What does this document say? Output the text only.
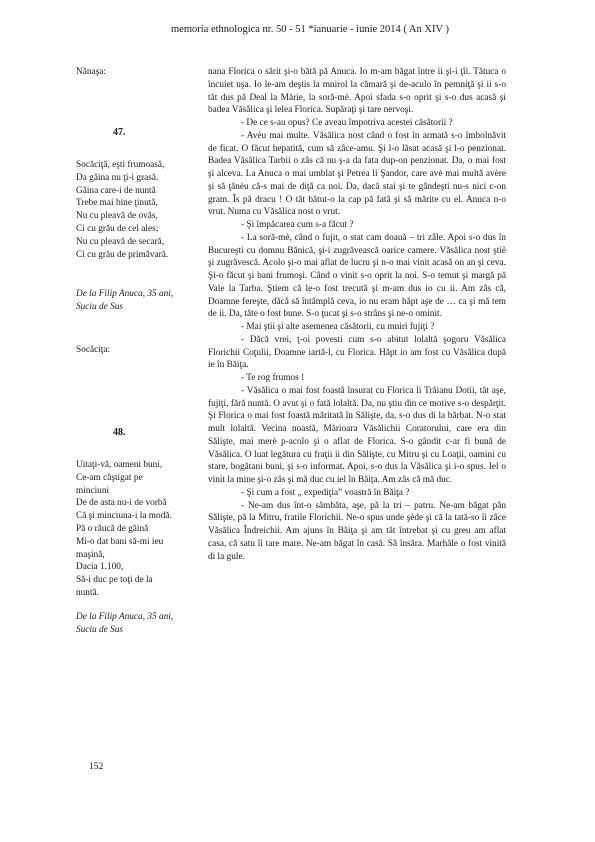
memoria ethnologica nr. 50 - 51 *ianuarie - iunie 2014 ( An XIV )
Nănaşa:
47.
Socăciţă, eşti frumoasă,
Da găina nu ţi-i grasă.
Găina care-i de nuntă
Trebe mai bine ţinută,
Nu cu pleavă de ovăs,
Ci cu grău de cel ales;
Nu cu pleavă de secară,
Ci cu grău de primăvară.
De la Filip Anuca, 35 ani,
Suciu de Sus
Socăciţa:
48.
Uitaţi-vă, oameni buni,
Ce-am câştigat pe
minciuni
De de asta nu-i de vorbă
Că şi minciuna-i la modă.
Pă o răucă de găină
Mi-o dat bani să-mi ieu
maşină,
Dacia 1.100,
Să-i duc pe toţi de la
nuntă.
De la Filip Anuca, 35 ani,
Suciu de Sus

nana Florica o sărit şi-o bătă pă Anuca. Io m-am băgat între ii şi-i ţîi. Tătuca o încuiet uşa. Io le-am deştis la mnirol la cămară şi de-aculo în pemniţă şi ii s-o tăt dus pă Deal la Mărie, la soră-mè. Apoi sfada s-o oprit şi s-o dus acasă şi badea Văsălica şi lelea Florica. Supăraţi şi tare nervoşi.

- De ce s-au opus? Ce aveau împotriva acestei căsătorii ?

- Avèu mai multe. Văsălica nost când o fost în armată s-o îmbolnăvit de ficat. O făcut hepatită, cum să zâce-amu. Şi l-o lăsat acasă şi l-o penzionat. Badea Văsălica Tarbii o zâs că nu ş-a da fata dup-on penzionat. Da, o mai fost şi alceva. La Anuca o mai umblat şi Petrea li Şandor, care avè mai multă avère şi să ţânèu că-s mai de diţă ca noi. Da, dacă stai şi te gândeşti nu-s nici c-on gram. Îs pă dracu ! O tăt bătut-o la cap pă fată şi să mărite cu el. Anuca n-o vrut. Numa cu Văsălica nost o vrut.

- Şi împăcarea cum s-a făcut ?

- La soră-mè, când o fujit, o stat cam doauă – tri zâle. Apoi s-o dus în Bucureşti cu domnu Bănică, şi-i zugrăvească oarice camere. Văsălica nost ştiè şi zugrăvescă. Acolo şi-o mai aflat de lucru şi n-o mai vinit acasă on an şi ceva. Şi-o făcut şi bani frumoşi. Când o vinit s-o oprit la noi. S-o temut şi margă pă Vale la Tarba. Ştiem că le-o fost trecută şi m-am dus io cu ii. Am zâs că, Doamne fereşte, dăcă să întâmplă ceva, io nu eram hăpt aşe de … ca şi mă tem de ii. Da, tăte o fost bune. S-o ţucat şi s-o strâns şi ne-o ominit.

- Mai ştii şi alte asemenea căsătorii, cu mniri fujiţi ?

- Dăcă vrei, ţ-oi povesti cum s-o abitut lolaltă şogoru Văsălica Florichii Coţulii, Doamne iartă-l, cu Florica. Hăpt io am fost cu Văsălica după ie în Băiţa.

- Te rog frumos !

- Văsălica o mai fost foastă însurat cu Florica li Trăianu Dotii, tăt aşe, fujiţi, fără nuntă. O avut şi o fată lolaltă. Da, nu ştiu din ce motive s-o despărţit. Şi Florica o mai fost foastă măritată în Sălişte, da, s-o dus di la bărbat. N-o stat mult lolaltă. Vecina noastă, Mărioara Văsălichii Coratorului, care era din Sălişte, mai merè p-acolo şi o aflat de Florica. S-o gândit c-ar fi bună de Văsălica. O luat legătura cu fraţii ii din Sălişte, cu Mitru şi cu Loaţii, oamini cu stare, bogătani buni, şi s-o informat. Apoi, s-o dus la Văsălica şi i-o spus. Iel o vinit la mine şi-o zâs şi mă duc cu iel în Băiţa. Am zâs că mă duc.

- Şi cum a fost „ expediţia” voastră în Băiţa ?

- Ne-am dus înt-o sâmbăta, aşe, pă la tri – patru. Ne-am băgat pân Sălişte, pă la Mitru, fratile Florichii. Ne-o spus unde şède şi că la tată-so îi zâce Văsălica Îndreichii. Am ajuns în Băiţa şi am tăt întrebat şi cu greu am aflat casa, că satu îi tare mare. Ne-am băgat în casă. Să însăra. Marhăle o fost vinită di la gule.

152
